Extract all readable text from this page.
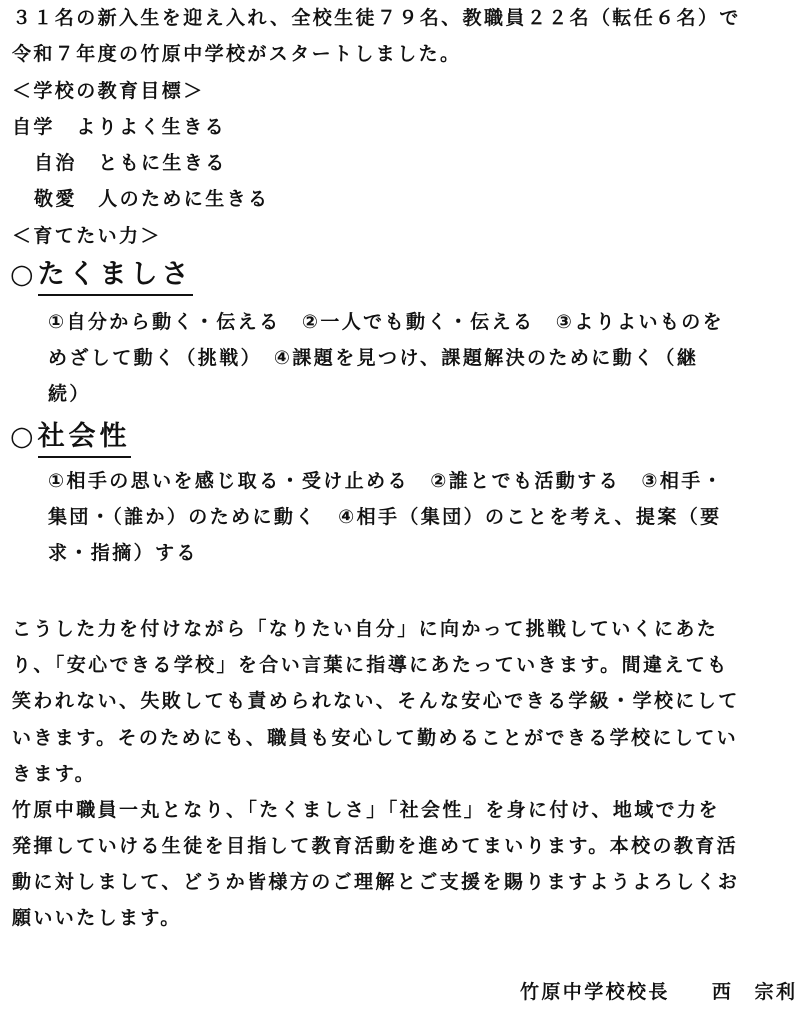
３１名の新入生を迎え入れ、全校生徒７９名、教職員２２名（転任６名）で
令和７年度の竹原中学校がスタートしました。
＜学校の教育目標＞
自学　よりよく生きる
自治　ともに生きる
敬愛　人のために生きる
＜育てたい力＞
○たくましさ
①自分から動く・伝える　②一人でも動く・伝える　③よりよいものを
めざして動く（挑戦）　④課題を見つけ、課題解決のために動く（継
続）
○社会性
①相手の思いを感じ取る・受け止める　②誰とでも活動する　③相手・
集団・（誰か）のために動く　④相手（集団）のことを考え、提案（要
求・指摘）する
こうした力を付けながら「なりたい自分」に向かって挑戦していくにあた
り、「安心できる学校」を合い言葉に指導にあたっていきます。間違えても
笑われない、失敗しても責められない、そんな安心できる学級・学校にして
いきます。そのためにも、職員も安心して勤めることができる学校にしてい
きます。
竹原中職員一丸となり、「たくましさ」「社会性」を身に付け、地域で力を
発揮していける生徒を目指して教育活動を進めてまいります。本校の教育活
動に対しまして、どうか皆様方のご理解とご支援を賜りますようよろしくお
願いいたします。
竹原中学校校長 西　宗利
